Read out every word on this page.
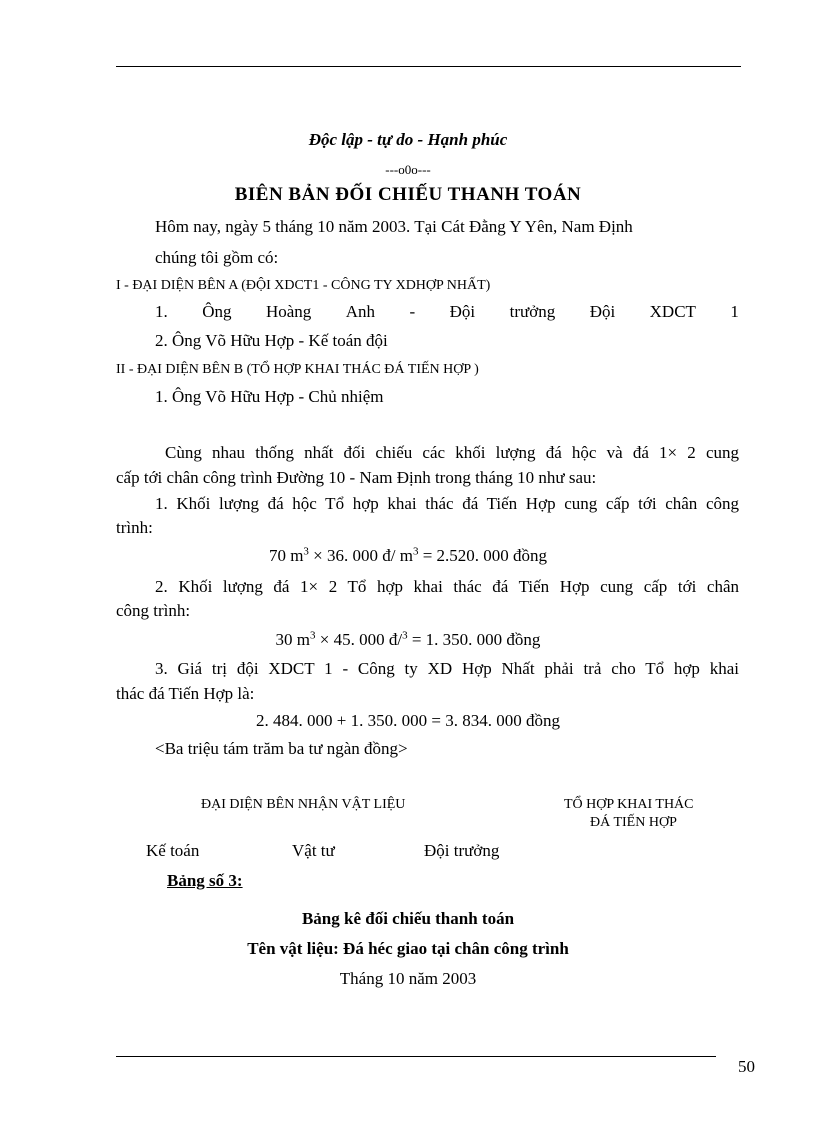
Độc lập - tự do - Hạnh phúc
---o0o---
BIÊN BẢN ĐỐI CHIẾU THANH TOÁN
Hôm nay, ngày 5 tháng 10 năm 2003. Tại Cát Đằng Y Yên, Nam Định
chúng tôi gồm có:
I - ĐẠI DIỆN BÊN A (ĐỘI XDCT1 - CÔNG TY XDHỢP NHẤT)
1. Ông Hoàng Anh - Đội trưởng Đội XDCT 1
2. Ông Võ Hữu Hợp - Kế toán đội
II - ĐẠI DIỆN BÊN B (TỔ HỢP KHAI THÁC ĐÁ TIẾN HỢP )
1. Ông Võ Hữu Hợp - Chủ nhiệm
Cùng nhau thống nhất đối chiếu các khối lượng đá hộc và đá 1× 2 cung
cấp tới chân công trình Đường 10 - Nam Định trong tháng 10 như sau:
1. Khối lượng đá hộc Tổ hợp khai thác đá Tiến Hợp cung cấp tới chân công
trình:
70 $m^3 \times 36$. 000 đ/ $m^3 = 2.520$. 000 đồng
2. Khối lượng đá 1× 2 Tổ hợp khai thác đá Tiến Hợp cung cấp tới chân
công trình:
30 $m^3 \times 45$. 000 đ/$^3$ = 1. 350. 000 đồng
3. Giá trị đội XDCT 1 - Công ty XD Hợp Nhất phải trả cho Tổ hợp khai
thác đá Tiến Hợp là:
2. 484. 000 + 1. 350. 000 = 3. 834. 000 đồng
<Ba triệu tám trăm ba tư ngàn đồng>
ĐẠI DIỆN BÊN NHẬN VẬT LIỆU	TỔ HỢP KHAI THÁC
ĐÁ TIẾN HỢP
Kế toán	Vật tư	Đội trưởng
Bảng số 3:
Bảng kê đối chiếu thanh toán
Tên vật liệu: Đá héc giao tại chân công trình
Tháng 10 năm 2003
50
